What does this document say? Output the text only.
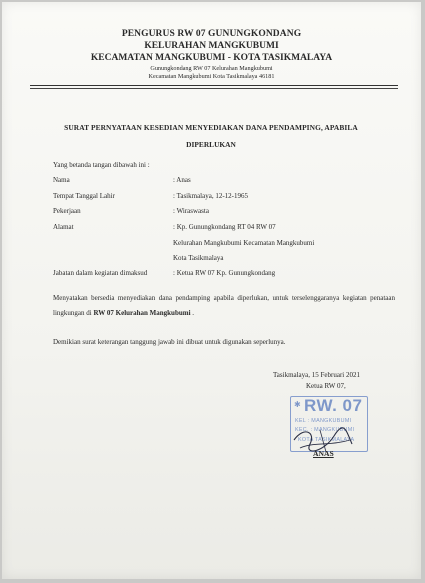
PENGURUS RW 07 GUNUNGKONDANG

KELURAHAN MANGKUBUMI

KECAMATAN MANGKUBUMI - KOTA TASIKMALAYA

Gunungkondang RW 07 Kelurahan Mangkubumi

Kecamatan Mangkubumi Kota Tasikmalaya 46181

SURAT PERNYATAAN KESEDIAN MENYEDIAKAN DANA PENDAMPING, APABILA
DIPERLUKAN
Yang betanda tangan dibawah ini :
Nama	: Anas
Tempat Tanggal Lahir	: Tasikmalaya, 12-12-1965
Pekerjaan	: Wiraswasta
Alamat	: Kp. Gunungkondang RT 04 RW 07
Kelurahan Mangkubumi Kecamatan Mangkubumi
Kota Tasikmalaya
Jabatan dalam kegiatan dimaksud	: Ketua RW 07 Kp. Gunungkondang
Menyatakan bersedia menyediakan dana pendamping apabila diperlukan, untuk terselenggaranya kegiatan penataan lingkungan di RW 07 Kelurahan Mangkubumi .
Demikian surat keterangan tanggung jawab ini dibuat untuk digunakan seperlunya.
Tasikmalaya, 15 Februari 2021
Ketua RW 07,
✱ RW. 07
KEL : MANGKUBUMI
KEC. : MANGKUBUMI
KOTA TASIKMALAYA
ANAS
